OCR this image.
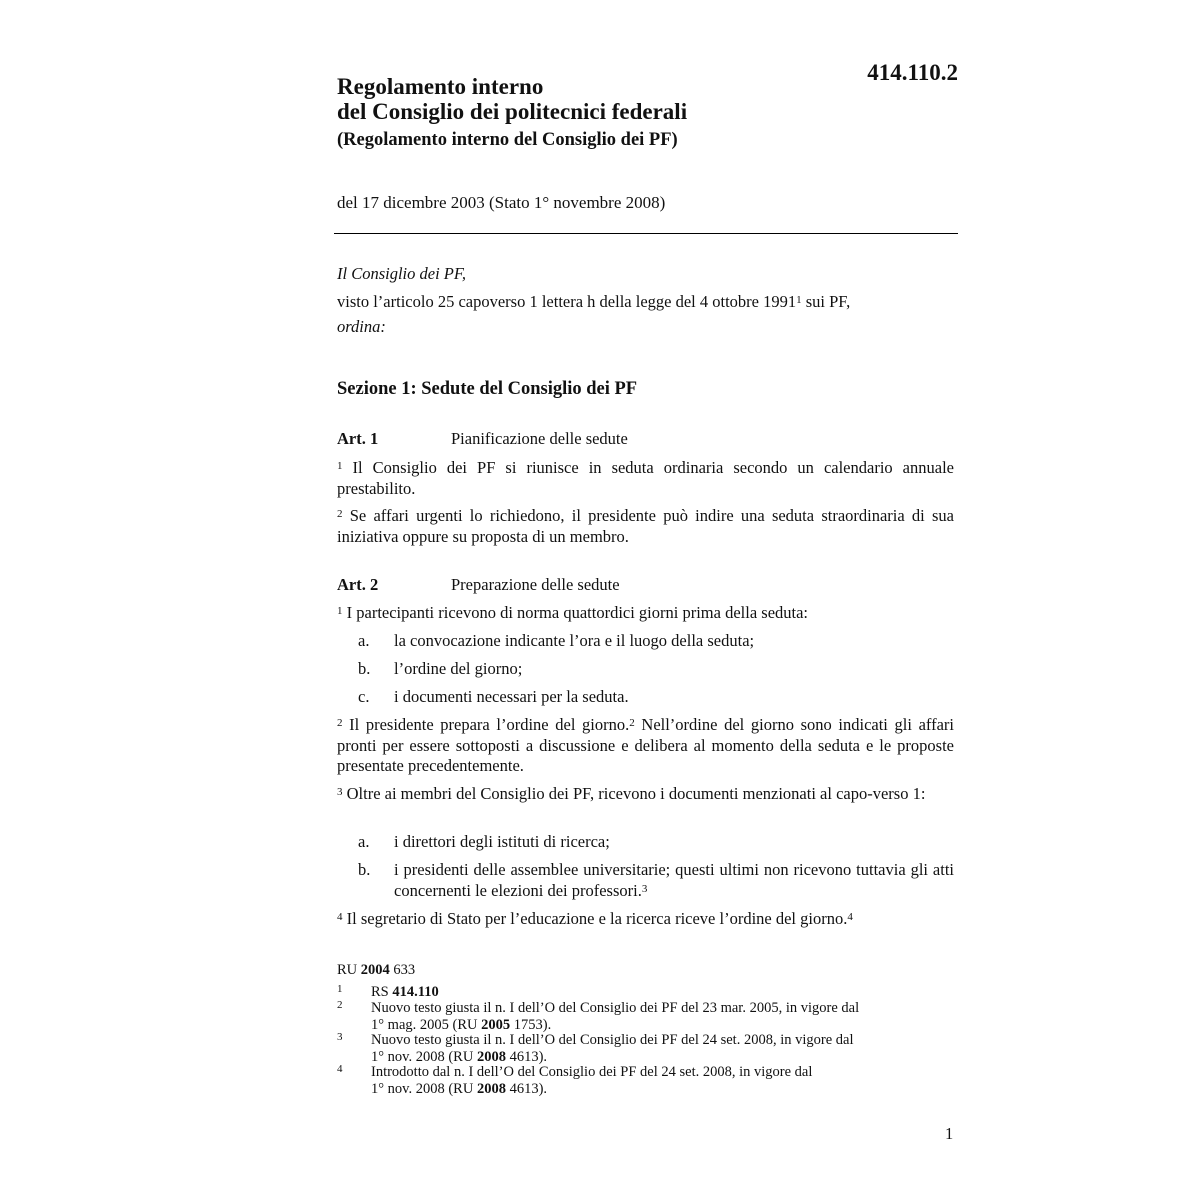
414.110.2
Regolamento interno
del Consiglio dei politecnici federali
(Regolamento interno del Consiglio dei PF)
del 17 dicembre 2003 (Stato 1° novembre 2008)
Il Consiglio dei PF,
visto l’articolo 25 capoverso 1 lettera h della legge del 4 ottobre 1991$^1$ sui PF,
ordina:
Sezione 1: Sedute del Consiglio dei PF
Art. 1	Pianificazione delle sedute
$^1$ Il Consiglio dei PF si riunisce in seduta ordinaria secondo un calendario annuale prestabilito.
$^2$ Se affari urgenti lo richiedono, il presidente può indire una seduta straordinaria di sua iniziativa oppure su proposta di un membro.
Art. 2	Preparazione delle sedute
$^1$ I partecipanti ricevono di norma quattordici giorni prima della seduta:
a. la convocazione indicante l’ora e il luogo della seduta;
b. l’ordine del giorno;
c. i documenti necessari per la seduta.
$^2$ Il presidente prepara l’ordine del giorno.$^2$ Nell’ordine del giorno sono indicati gli affari pronti per essere sottoposti a discussione e delibera al momento della seduta e le proposte presentate precedentemente.
$^3$ Oltre ai membri del Consiglio dei PF, ricevono i documenti menzionati al capo-verso 1:
a. i direttori degli istituti di ricerca;
b. i presidenti delle assemblee universitarie; questi ultimi non ricevono tuttavia gli atti concernenti le elezioni dei professori.$^3$
$^4$ Il segretario di Stato per l’educazione e la ricerca riceve l’ordine del giorno.$^4$
RU 2004 633
1 RS 414.110
2 Nuovo testo giusta il n. I dell’O del Consiglio dei PF del 23 mar. 2005, in vigore dal
1° mag. 2005 (RU 2005 1753).
3 Nuovo testo giusta il n. I dell’O del Consiglio dei PF del 24 set. 2008, in vigore dal
1° nov. 2008 (RU 2008 4613).
4 Introdotto dal n. I dell’O del Consiglio dei PF del 24 set. 2008, in vigore dal
1° nov. 2008 (RU 2008 4613).
1
